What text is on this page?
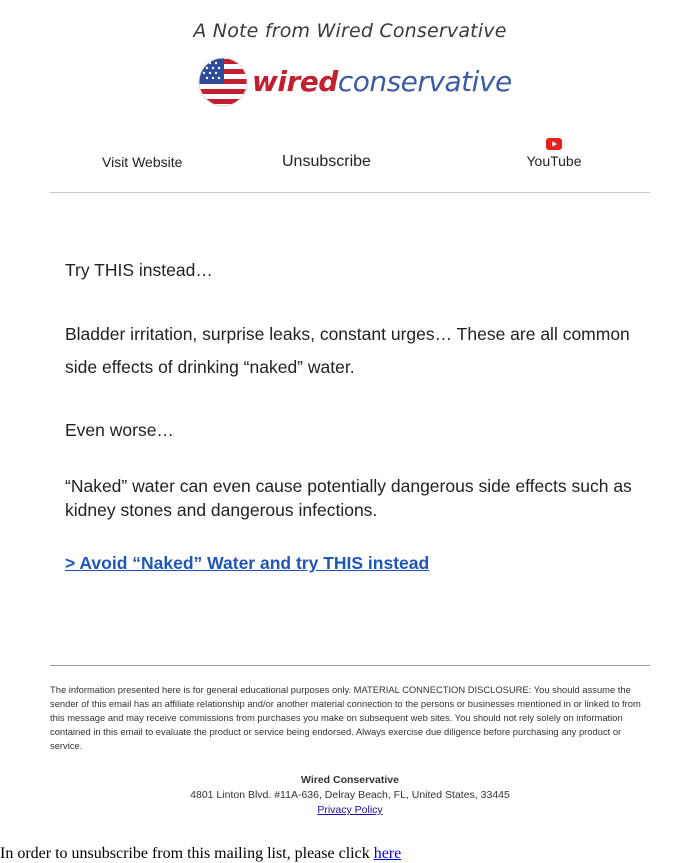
A Note from Wired Conservative
wiredconservative
Visit Website	Unsubscribe	YouTube

Try THIS instead…

Bladder irritation, surprise leaks, constant urges… These are all common side effects of drinking “naked” water.

Even worse…

“Naked” water can even cause potentially dangerous side effects such as kidney stones and dangerous infections.

> Avoid “Naked” Water and try THIS instead

The information presented here is for general educational purposes only. MATERIAL CONNECTION DISCLOSURE: You should assume the sender of this email has an affiliate relationship and/or another material connection to the persons or businesses mentioned in or linked to from this message and may receive commissions from purchases you make on subsequent web sites. You should not rely solely on information contained in this email to evaluate the product or service being endorsed. Always exercise due diligence before purchasing any product or service.

Wired Conservative
4801 Linton Blvd. #11A-636, Delray Beach, FL, United States, 33445
Privacy Policy
In order to unsubscribe from this mailing list, please click here
